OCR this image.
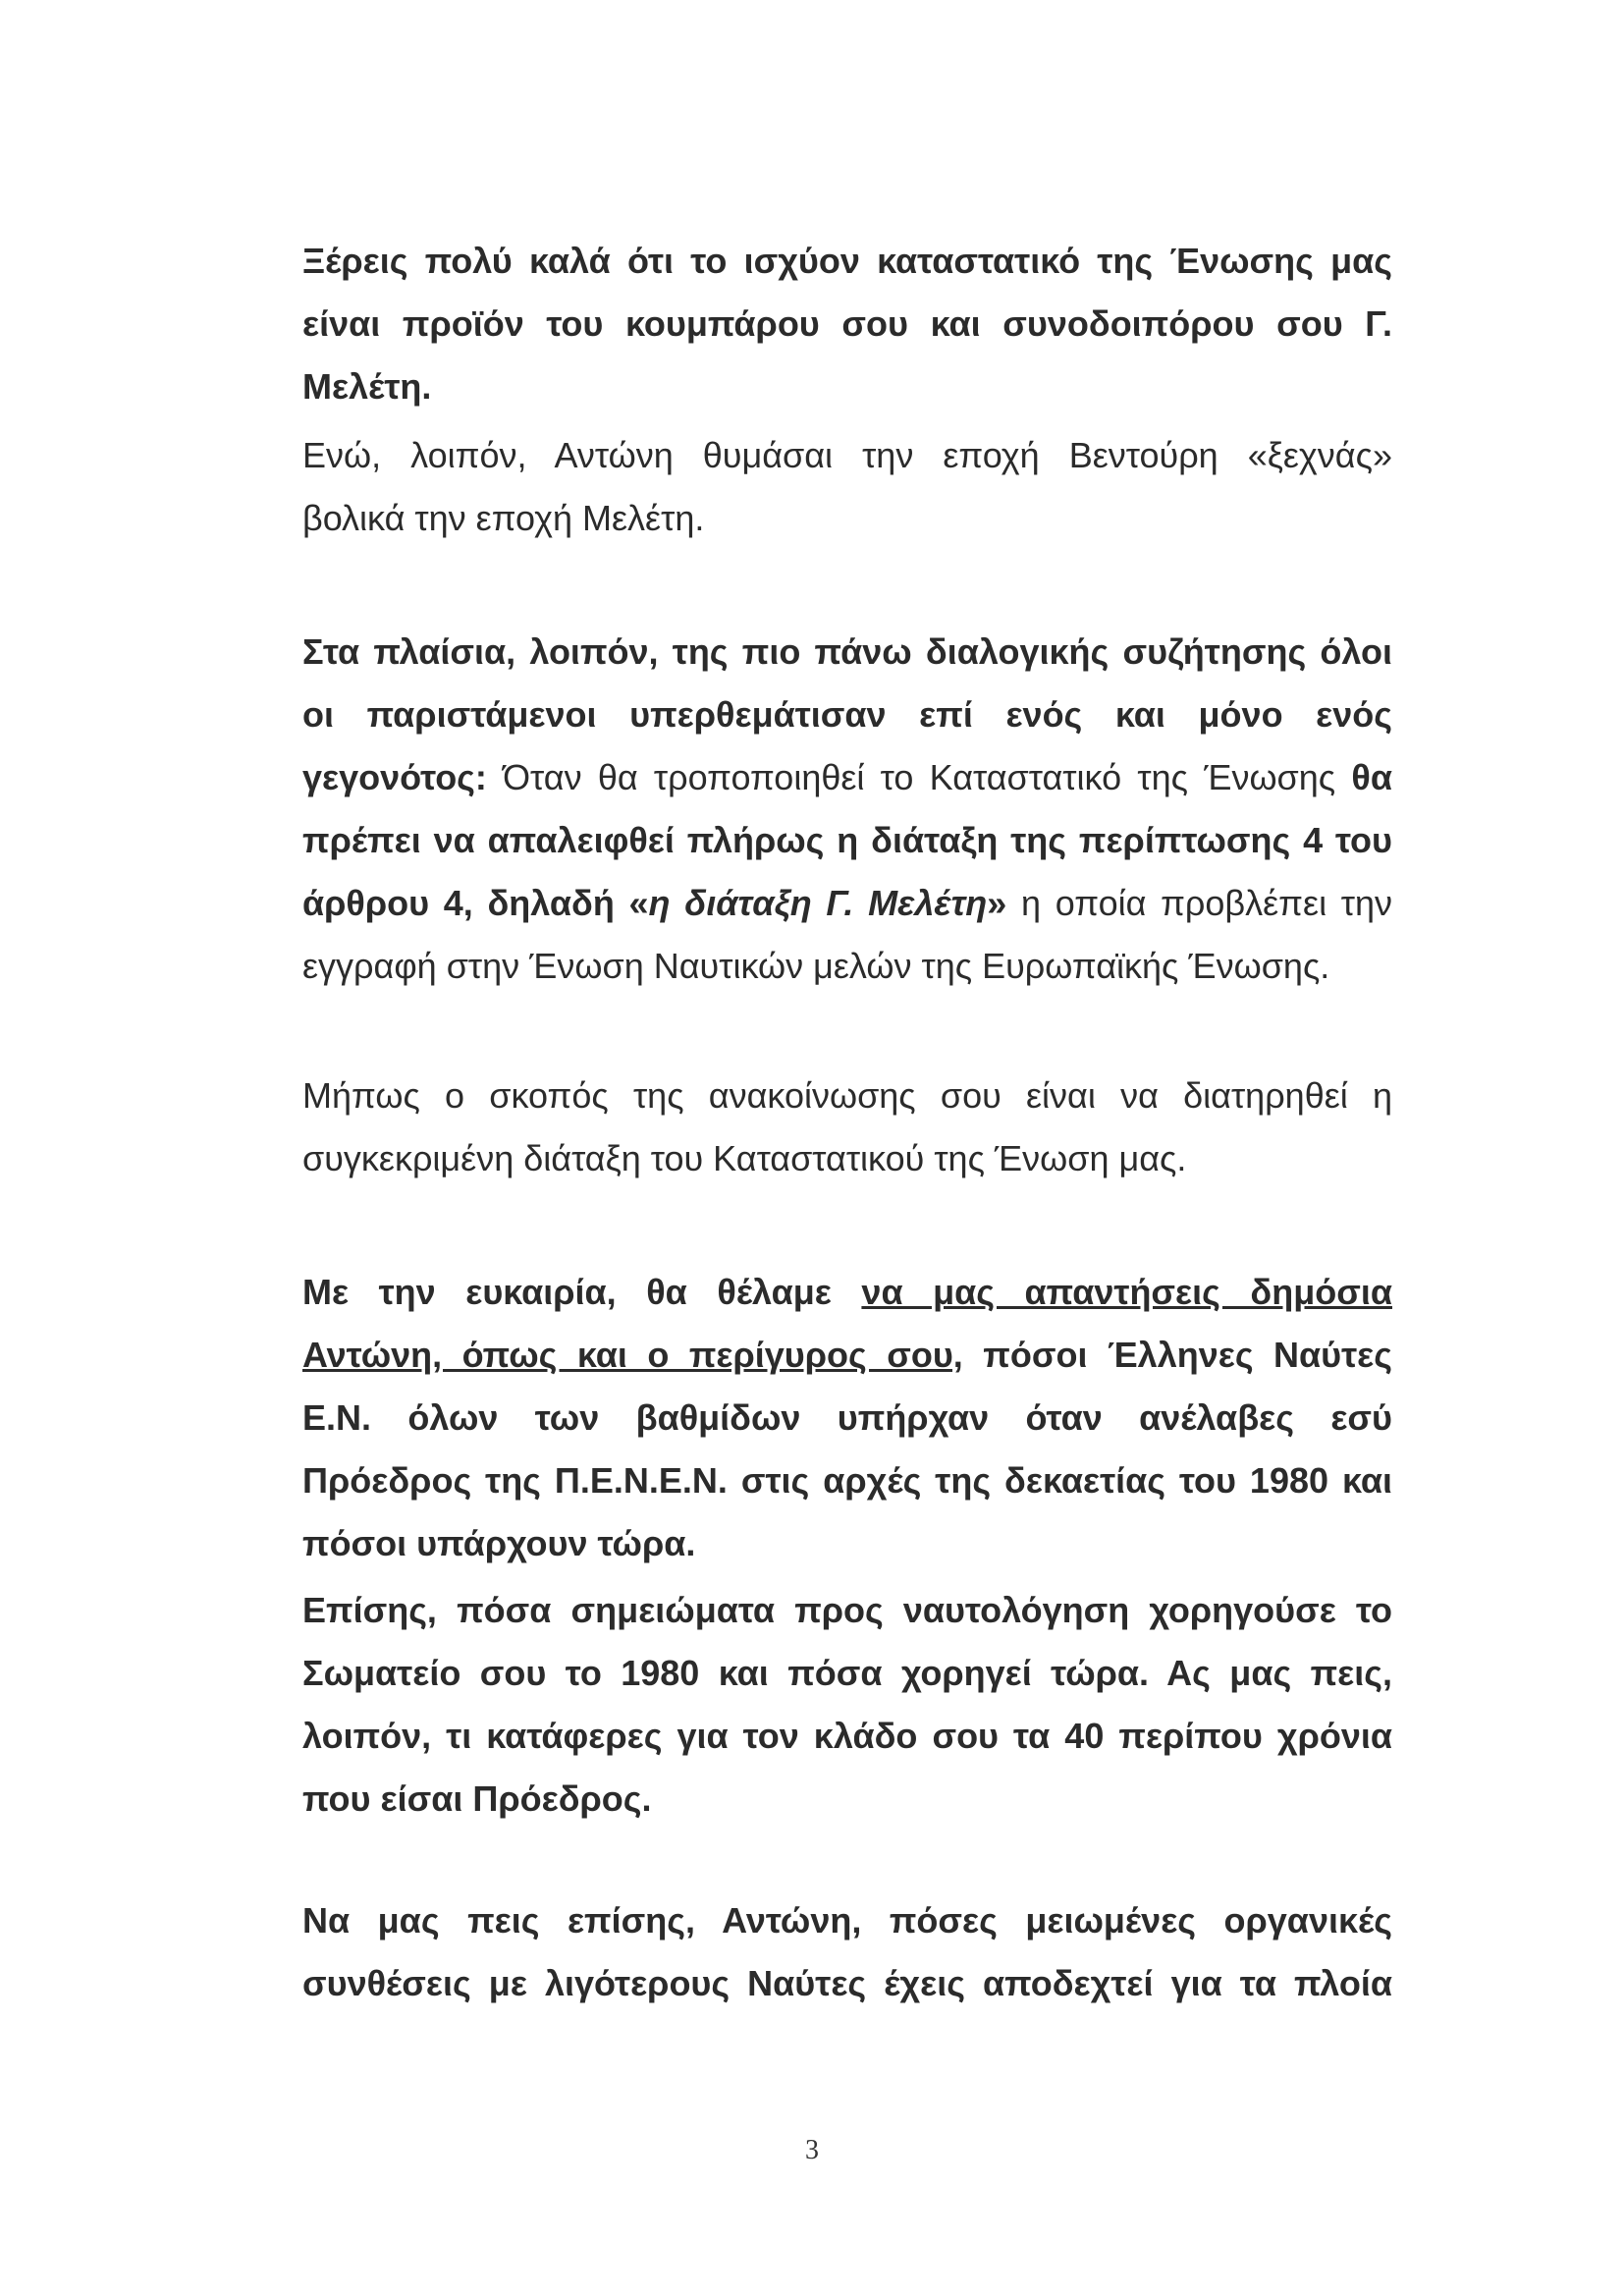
Ξέρεις πολύ καλά ότι το ισχύον καταστατικό της Ένωσης μας
είναι προϊόν του κουμπάρου σου και συνοδοιπόρου σου Γ.
Μελέτη.
Ενώ, λοιπόν, Αντώνη θυμάσαι την εποχή Βεντούρη «ξεχνάς»
βολικά την εποχή Μελέτη.
Στα πλαίσια, λοιπόν, της πιο πάνω διαλογικής συζήτησης όλοι
οι παριστάμενοι υπερθεμάτισαν επί ενός και μόνο ενός
γεγονότος: Όταν θα τροποποιηθεί το Καταστατικό της Ένωσης θα
πρέπει να απαλειφθεί πλήρως η διάταξη της περίπτωσης 4 του
άρθρου 4, δηλαδή «η διάταξη Γ. Μελέτη» η οποία προβλέπει την
εγγραφή στην Ένωση Ναυτικών μελών της Ευρωπαϊκής Ένωσης.
Μήπως ο σκοπός της ανακοίνωσης σου είναι να διατηρηθεί η
συγκεκριμένη διάταξη του Καταστατικού της Ένωση μας.
Με την ευκαιρία, θα θέλαμε να μας απαντήσεις δημόσια
Αντώνη, όπως και ο περίγυρος σου, πόσοι Έλληνες Ναύτες
Ε.Ν. όλων των βαθμίδων υπήρχαν όταν ανέλαβες εσύ
Πρόεδρος της Π.Ε.Ν.Ε.Ν. στις αρχές της δεκαετίας του 1980 και
πόσοι υπάρχουν τώρα.
Επίσης, πόσα σημειώματα προς ναυτολόγηση χορηγούσε το
Σωματείο σου το 1980 και πόσα χορηγεί τώρα. Ας μας πεις,
λοιπόν, τι κατάφερες για τον κλάδο σου τα 40 περίπου χρόνια
που είσαι Πρόεδρος.
Να μας πεις επίσης, Αντώνη, πόσες μειωμένες οργανικές
συνθέσεις με λιγότερους Ναύτες έχεις αποδεχτεί για τα πλοία
3
